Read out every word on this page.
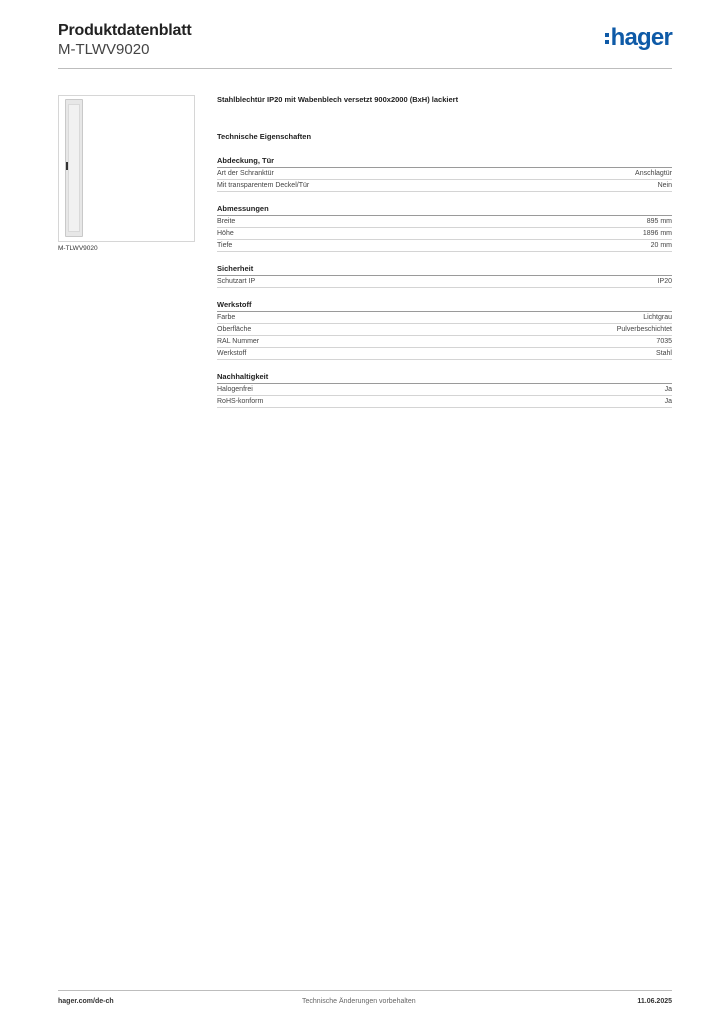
Produktdatenblatt
M-TLWV9020	hager
M-TLWV9020
Stahlblechtür IP20 mit Wabenblech versetzt 900x2000 (BxH) lackiert
Technische Eigenschaften
Abdeckung, Tür
Art der Schranktür	Anschlagtür
Mit transparentem Deckel/Tür	Nein
Abmessungen
Breite	895 mm
Höhe	1896 mm
Tiefe	20 mm
Sicherheit
Schutzart IP	IP20
Werkstoff
Farbe	Lichtgrau
Oberfläche	Pulverbeschichtet
RAL Nummer	7035
Werkstoff	Stahl
Nachhaltigkeit
Halogenfrei	Ja
RoHS-konform	Ja
hager.com/de-ch	Technische Änderungen vorbehalten	11.06.2025
